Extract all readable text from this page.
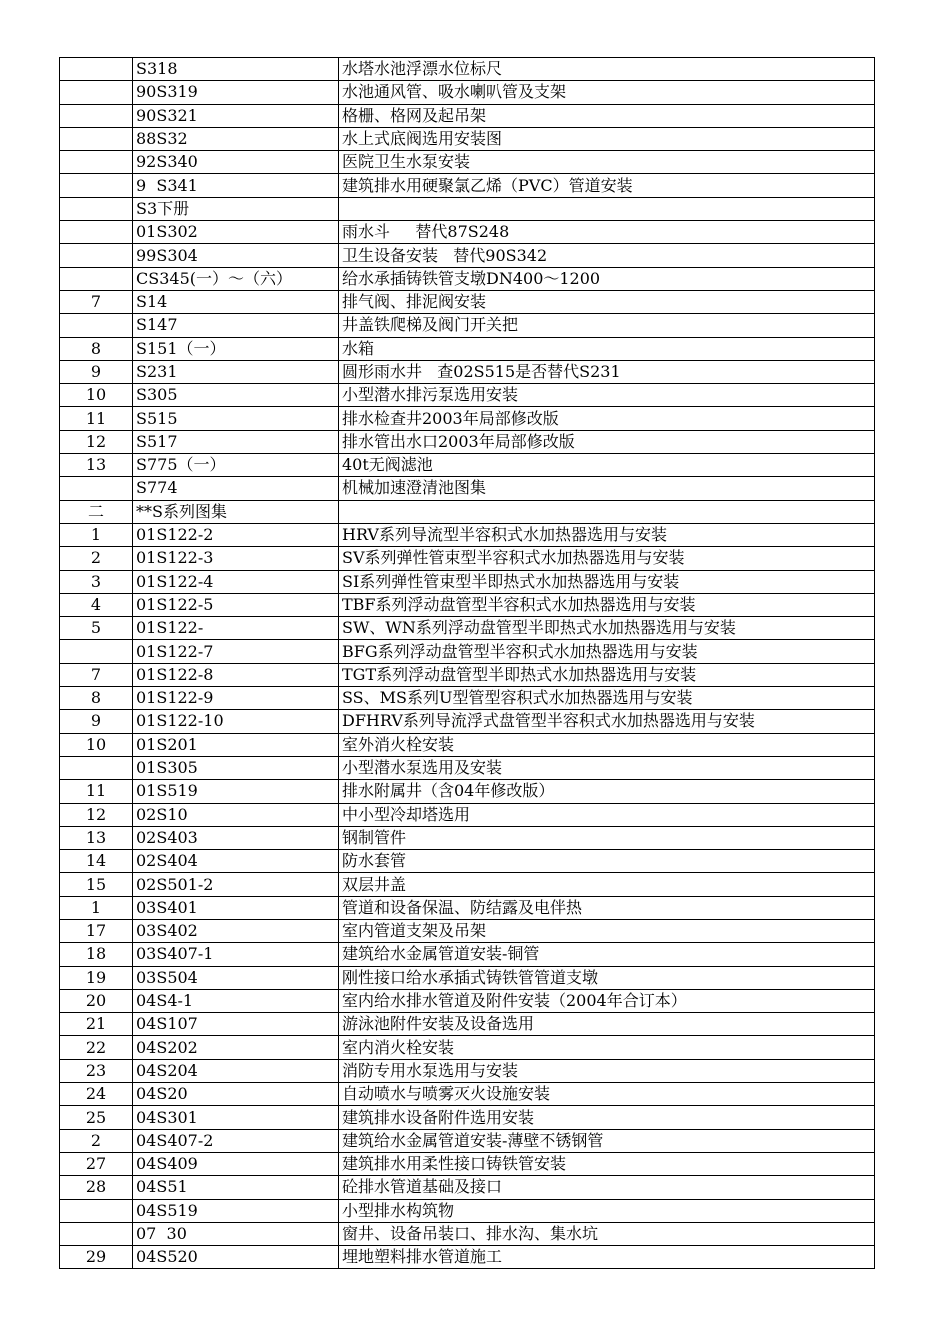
	S318	水塔水池浮漂水位标尺
	90S319	水池通风管、吸水喇叭管及支架
	90S321	格栅、格网及起吊架
	88S32	水上式底阀选用安装图
	92S340	医院卫生水泵安装
	9  S341	建筑排水用硬聚氯乙烯（PVC）管道安装
	S3下册	
	01S302	雨水斗     替代87S248
	99S304	卫生设备安装   替代90S342
	CS345(一）～（六）	给水承插铸铁管支墩DN400～1200
7	S14	排气阀、排泥阀安装
	S147	井盖铁爬梯及阀门开关把
8	S151（一）	水箱
9	S231	圆形雨水井   查02S515是否替代S231
10	S305	小型潜水排污泵选用安装
11	S515	排水检查井2003年局部修改版
12	S517	排水管出水口2003年局部修改版
13	S775（一）	40t无阀滤池
	S774	机械加速澄清池图集
二	**S系列图集	
1	01S122-2	HRV系列导流型半容积式水加热器选用与安装
2	01S122-3	SV系列弹性管束型半容积式水加热器选用与安装
3	01S122-4	SI系列弹性管束型半即热式水加热器选用与安装
4	01S122-5	TBF系列浮动盘管型半容积式水加热器选用与安装
5	01S122-	SW、WN系列浮动盘管型半即热式水加热器选用与安装
	01S122-7	BFG系列浮动盘管型半容积式水加热器选用与安装
7	01S122-8	TGT系列浮动盘管型半即热式水加热器选用与安装
8	01S122-9	SS、MS系列U型管型容积式水加热器选用与安装
9	01S122-10	DFHRV系列导流浮式盘管型半容积式水加热器选用与安装
10	01S201	室外消火栓安装
	01S305	小型潜水泵选用及安装
11	01S519	排水附属井（含04年修改版）
12	02S10	中小型冷却塔选用
13	02S403	钢制管件
14	02S404	防水套管
15	02S501-2	双层井盖
1	03S401	管道和设备保温、防结露及电伴热
17	03S402	室内管道支架及吊架
18	03S407-1	建筑给水金属管道安装-铜管
19	03S504	刚性接口给水承插式铸铁管管道支墩
20	04S4-1	室内给水排水管道及附件安装（2004年合订本）
21	04S107	游泳池附件安装及设备选用
22	04S202	室内消火栓安装
23	04S204	消防专用水泵选用与安装
24	04S20	自动喷水与喷雾灭火设施安装
25	04S301	建筑排水设备附件选用安装
2	04S407-2	建筑给水金属管道安装-薄壁不锈钢管
27	04S409	建筑排水用柔性接口铸铁管安装
28	04S51	砼排水管道基础及接口
	04S519	小型排水构筑物
	07  30	窗井、设备吊装口、排水沟、集水坑
29	04S520	埋地塑料排水管道施工
